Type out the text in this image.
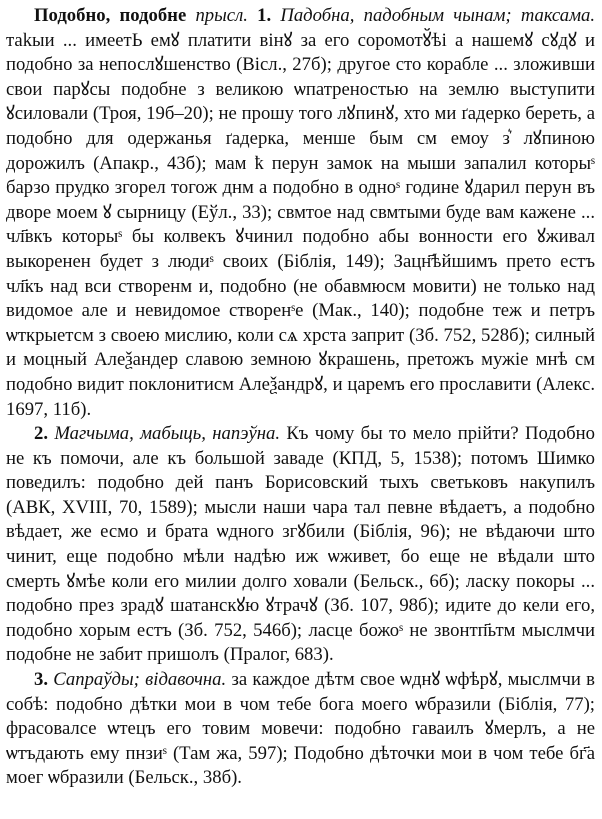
Подобно, подобне прысл. 1. Падобна, падобным чынам; таксама. таkыи ... имеетЬ емꙋ платити вінꙋ за его соромотꙋ̆ѣі а нашемꙋ сꙋдꙋ и подобно за непослꙋшенство (Вісл., 27б); другое сто корабле ... зложивши свои парꙋсы подобне з великою ѡпатреностью на землю выступити ꙋсиловали (Троя, 19б–20); не прошу того лꙋпинꙋ, хто ми ґадерко береть, а подобно для одержанья ґадерка, менше бым см емоу з͛ лꙋпиною дорожилъ (Апакр., 43б); мам ҟ перун замок на мыши запалил которыˢ барзо прудко згорел тогож днм а подобно в одноˢ године ꙋдарил перун въ дворе моем ꙋ сырницу (Еўл., 33); свмтое над свмтыми буде вам кажене ... чл҃вкъ которыˢ бы колвекъ ꙋчинил подобно абы вонности его ꙋживал выкоренен будет з людиˢ своих (Біблія, 149); Зацн҃ѣйшимъ прето естъ чл҃къ над вси створенм и, подобно (не обавмюсм мовити) не только над видомое але и невидомое створенˢе (Мак., 140); подобне теж и петръ ѡткрыетсм з своею мислию, коли сѧ хрста заприт (Зб. 752, 528б); силный и моцный Алеѯандер славою земною ꙋкрашень, претожъ мужіе мнѣ см подобно видит поклонитисм Алеѯандрꙋ, и царемъ его прославити (Алекс. 1697, 11б).

2. Магчыма, мабыць, напэўна. Къ чому бы то мело прійти? Подобно не къ помочи, але къ большой заваде (КПД, 5, 1538); потомъ Шимко поведилъ: подобно дей панъ Борисовский тыхъ светьковъ накупилъ (АВК, XVIII, 70, 1589); мысли наши чара тал певне вѣдаетъ, а подобно вѣдает, же есмо и брата ѡдного згꙋбили (Біблія, 96); не вѣдаючи што чинит, еще подобно мѣли надѣю иж ѡживет, бо еще не вѣдали што смерть ꙋмѣе коли его милии долго ховали (Бельск., 6б); ласку покоры ... подобно през зрадꙋ шатанскꙋю ꙋтрачꙋ (Зб. 107, 98б); идите до кели его, подобно хорым естъ (Зб. 752, 546б); ласце божоˢ не звонтп҃ьтм мыслмчи подобне не забит пришолъ (Пралог, 683).

3. Сапраўды; відавочна. за каждое дѣтм свое ѡднꙋ ѡфѣрꙋ, мыслмчи в собѣ: подобно дѣтки мои в чом тебе бога моего ѡбразили (Біблія, 77); фрасовалсе ѡтецъ его товим мовечи: подобно гаваилъ ꙋмерлъ, а не ѡтъдають ему пнзиˢ (Там жа, 597); Подобно дѣточки мои в чом тебе бг҃а моег ѡбразили (Бельск., 38б).
